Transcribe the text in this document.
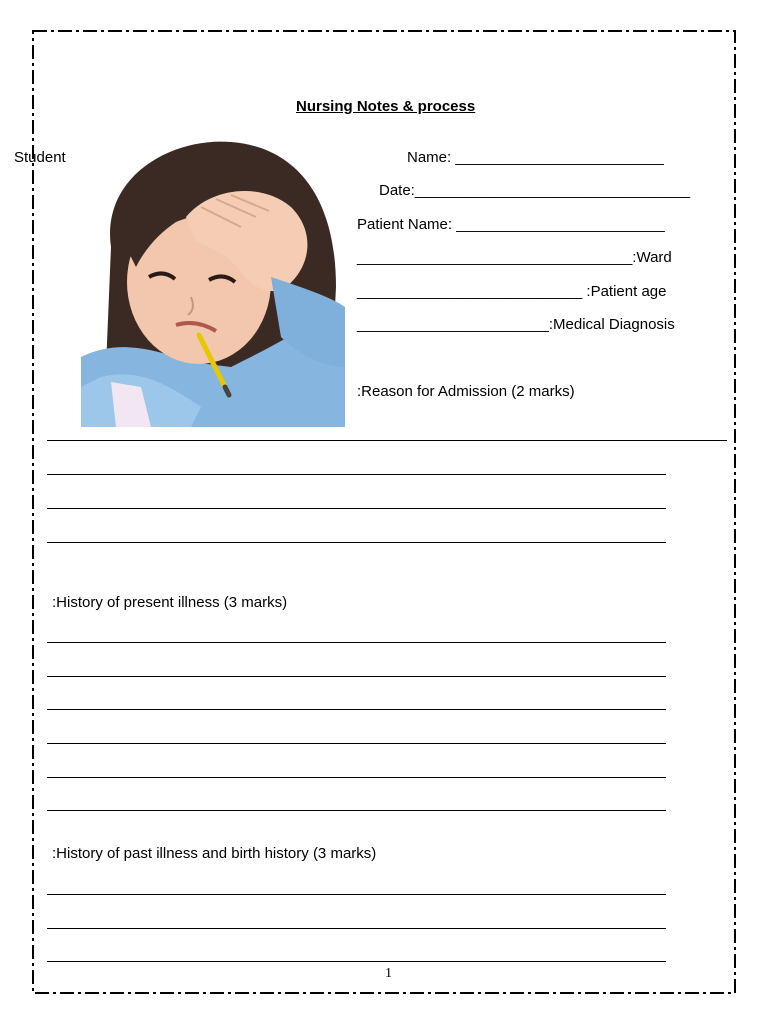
Nursing Notes & process
Student	Name: _________________________
Date:_________________________________
Patient Name: _________________________
_________________________________:Ward
___________________________ :Patient age
_______________________:Medical Diagnosis
:Reason for Admission (2 marks)
:History of present illness (3 marks)
:History of past illness and birth history (3 marks)
1
